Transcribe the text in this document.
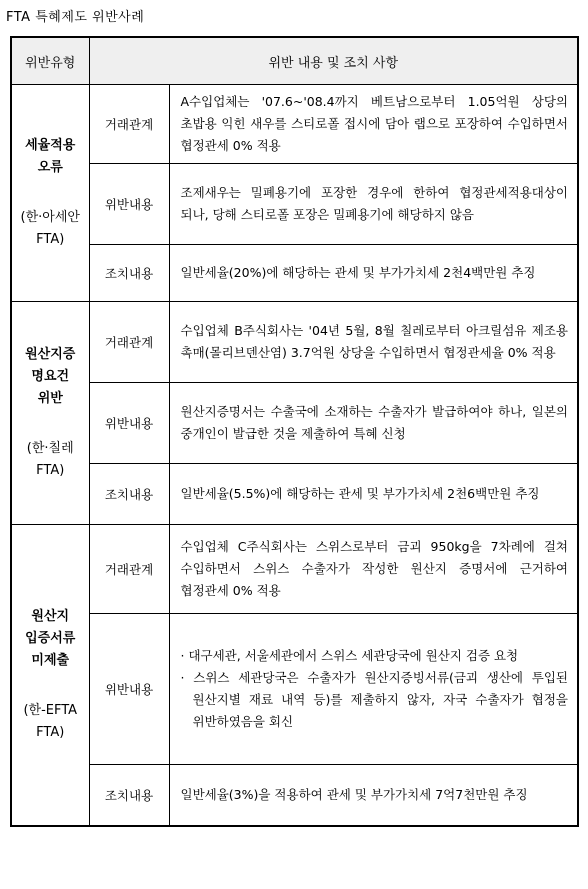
FTA 특혜제도 위반사례
위반유형	위반 내용 및 조치 사항	

세율적용
오류
(한·아세안 FTA)	거래관계	A수입업체는 '07.6~'08.4까지 베트남으로부터 1.05억원 상당의 초밥용 익힌 새우를 스티로폴 접시에 담아 랩으로 포장하여 수입하면서 협정관세 0% 적용
	위반내용	조제새우는 밀폐용기에 포장한 경우에 한하여 협정관세적용대상이 되나, 당해 스티로폴 포장은 밀폐용기에 해당하지 않음
	조치내용	일반세율(20%)에 해당하는 관세 및 부가가치세 2천4백만원 추징

원산지증
명요건
위반
(한·칠레 FTA)	거래관계	수입업체 B주식회사는 '04년 5월, 8월 칠레로부터 아크릴섬유 제조용 촉매(몰리브덴산염) 3.7억원 상당을 수입하면서 협정관세율 0% 적용
	위반내용	원산지증명서는 수출국에 소재하는 수출자가 발급하여야 하나, 일본의 중개인이 발급한 것을 제출하여 특혜 신청
	조치내용	일반세율(5.5%)에 해당하는 관세 및 부가가치세 2천6백만원 추징

원산지
입증서류
미제출
(한-EFTA FTA)	거래관계	수입업체 C주식회사는 스위스로부터 금괴 950kg을 7차례에 걸쳐 수입하면서 스위스 수출자가 작성한 원산지 증명서에 근거하여 협정관세 0% 적용
	위반내용	· 대구세관, 서울세관에서 스위스 세관당국에 원산지 검증 요청
· 스위스 세관당국은 수출자가 원산지증빙서류(금괴 생산에 투입된 원산지별 재료 내역 등)를 제출하지 않자, 자국 수출자가 협정을 위반하였음을 회신

	조치내용	일반세율(3%)을 적용하여 관세 및 부가가치세 7억7천만원 추징
